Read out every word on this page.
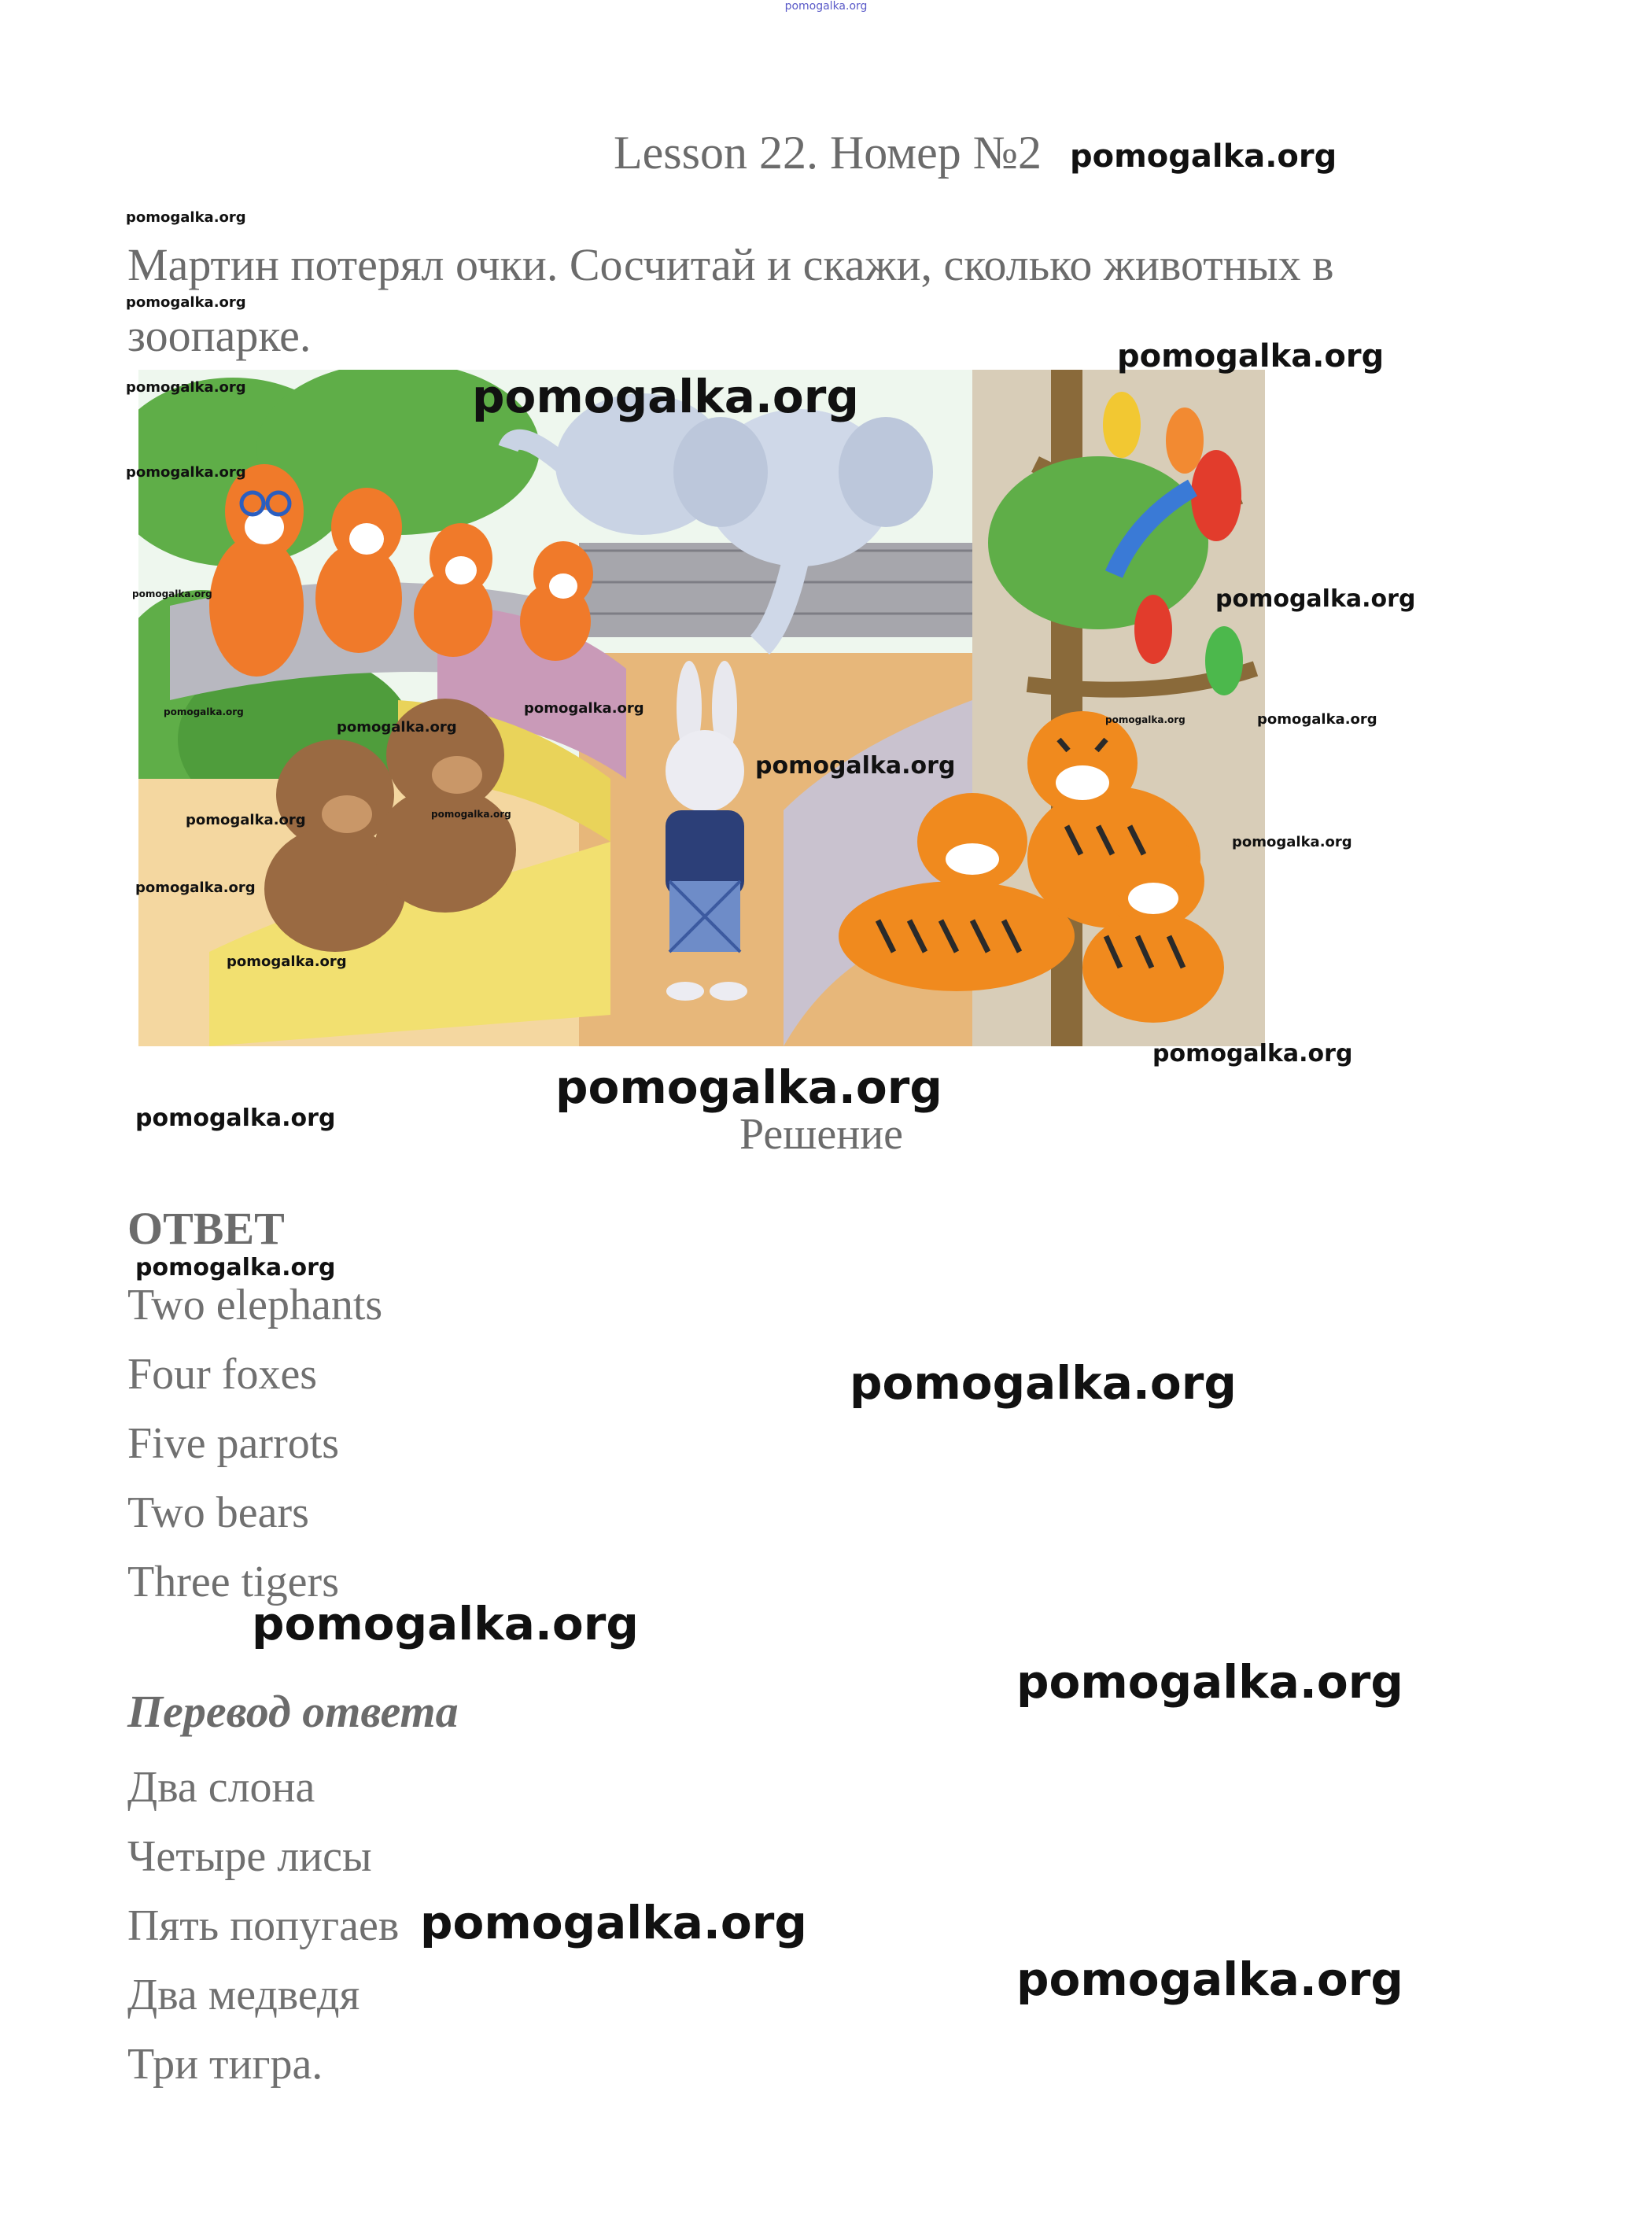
pomogalka.org
Lesson 22. Номер №2 pomogalka.org
pomogalka.org
pomogalka.org
Мартин потерял очки. Сосчитай и скажи, сколько животных в зоопарке.
pomogalka.org
pomogalka.org
pomogalka.org
pomogalka.org
pomogalka.org	pomogalka.org
pomogalka.org
pomogalka.org
pomogalka.org
pomogalka.org
pomogalka.org
pomogalka.org
pomogalka.org	pomogalka.org
pomogalka.org
pomogalka.org
pomogalka.org
pomogalka.org
pomogalka.org
pomogalka.org
Решение
ОТВЕТ
pomogalka.org
Two elephants
Four foxes
Five parrots
Two bears
Three tigers
pomogalka.org
pomogalka.org
pomogalka.org
Перевод ответа
Два слона
Четыре лисы
Пять попугаев
Два медведя
Три тигра.
pomogalka.org
pomogalka.org
